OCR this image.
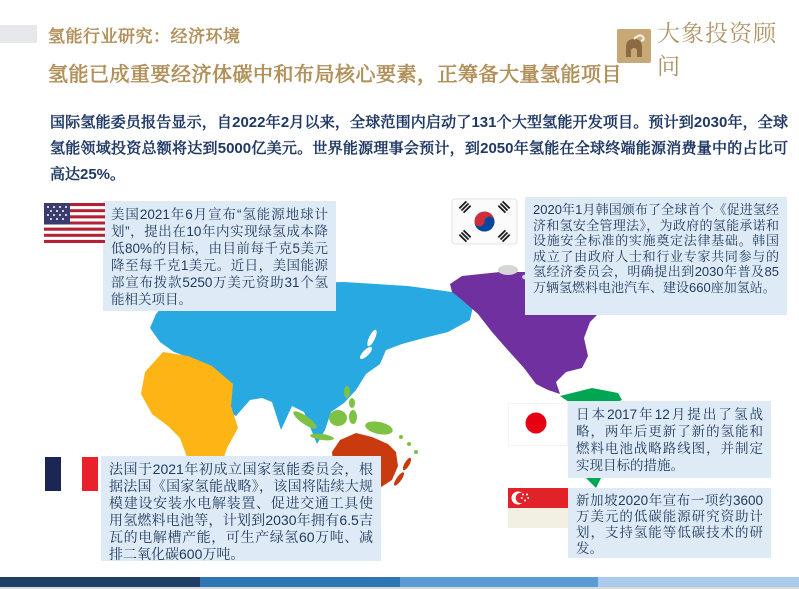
氢能行业研究：经济环境
氢能已成重要经济体碳中和布局核心要素，正筹备大量氢能项目
大象投资顾问
国际氢能委员报告显示，自2022年2月以来，全球范围内启动了131个大型氢能开发项目。预计到2030年，全球氢能领域投资总额将达到5000亿美元。世界能源理事会预计，到2050年氢能在全球终端能源消费量中的占比可高达25%。
美国2021年6月宣布“氢能源地球计划”，提出在10年内实现绿氢成本降低80%的目标，由目前每千克5美元降至每千克1美元。近日，美国能源部宣布拨款5250万美元资助31个氢能相关项目。
2020年1月韩国颁布了全球首个《促进氢经济和氢安全管理法》，为政府的氢能承诺和设施安全标准的实施奠定法律基础。韩国成立了由政府人士和行业专家共同参与的氢经济委员会，明确提出到2030年普及85万辆氢燃料电池汽车、建设660座加氢站。
日本2017年12月提出了氢战略，两年后更新了新的氢能和燃料电池战略路线图，并制定实现目标的措施。
法国于2021年初成立国家氢能委员会，根据法国《国家氢能战略》，该国将陆续大规模建设安装水电解装置、促进交通工具使用氢燃料电池等，计划到2030年拥有6.5吉瓦的电解槽产能，可生产绿氢60万吨、减排二氧化碳600万吨。
新加坡2020年宣布一项约3600万美元的低碳能源研究资助计划，支持氢能等低碳技术的研发。
